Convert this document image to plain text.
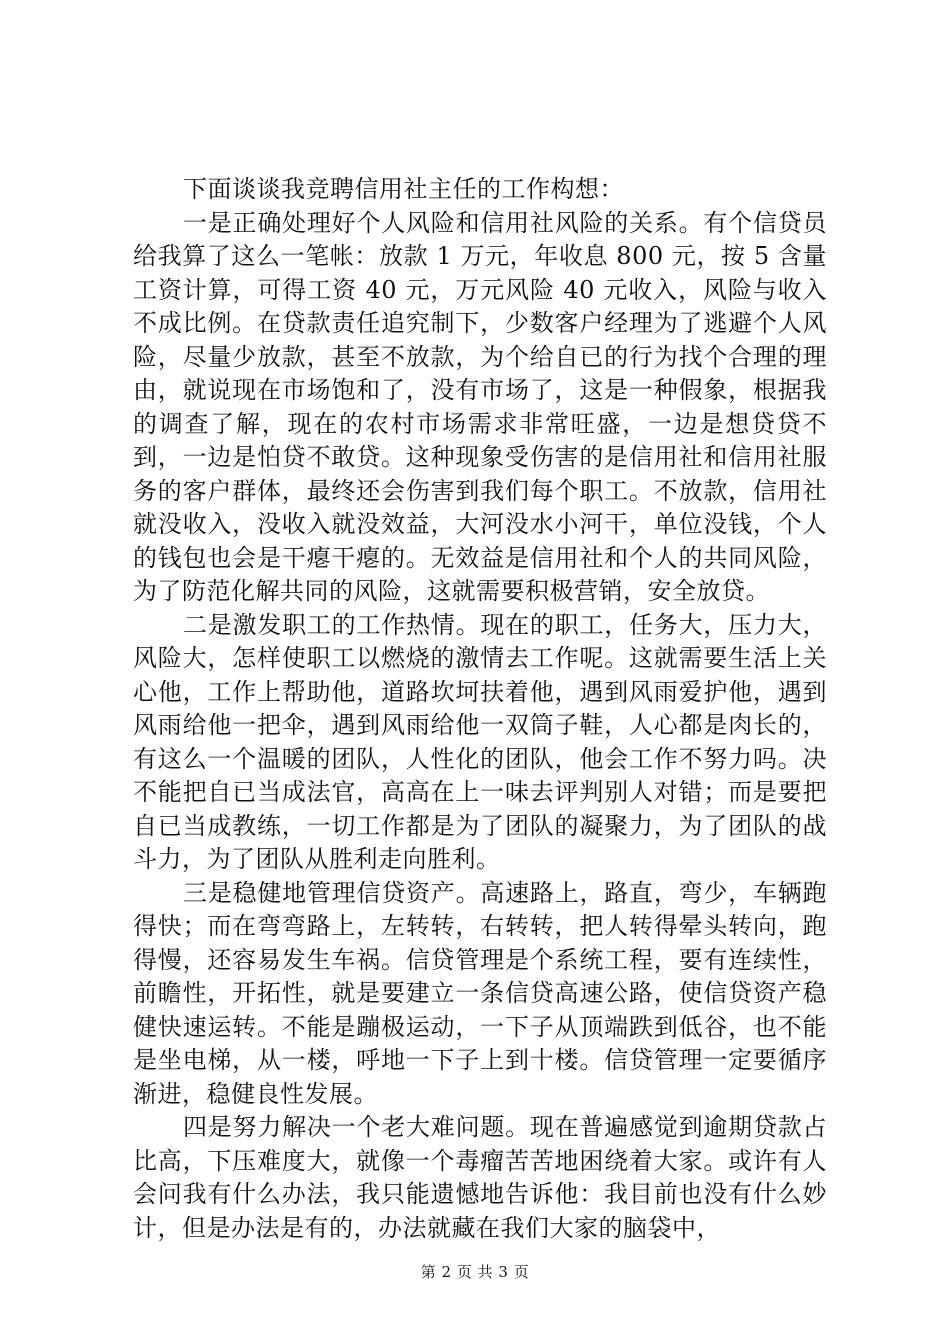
下面谈谈我竞聘信用社主任的工作构想：

一是正确处理好个人风险和信用社风险的关系。有个信贷员给我算了这么一笔帐：放款 1 万元，年收息 800 元，按 5 含量工资计算，可得工资 40 元，万元风险 40 元收入，风险与收入不成比例。在贷款责任追究制下，少数客户经理为了逃避个人风险，尽量少放款，甚至不放款，为个给自已的行为找个合理的理由，就说现在市场饱和了，没有市场了，这是一种假象，根据我的调查了解，现在的农村市场需求非常旺盛，一边是想贷贷不到，一边是怕贷不敢贷。这种现象受伤害的是信用社和信用社服务的客户群体，最终还会伤害到我们每个职工。不放款，信用社就没收入，没收入就没效益，大河没水小河干，单位没钱，个人的钱包也会是干瘪干瘪的。无效益是信用社和个人的共同风险，为了防范化解共同的风险，这就需要积极营销，安全放贷。

二是激发职工的工作热情。现在的职工，任务大，压力大，风险大，怎样使职工以燃烧的激情去工作呢。这就需要生活上关心他，工作上帮助他，道路坎坷扶着他，遇到风雨爱护他，遇到风雨给他一把伞，遇到风雨给他一双筒子鞋，人心都是肉长的，有这么一个温暖的团队，人性化的团队，他会工作不努力吗。决不能把自已当成法官，高高在上一味去评判别人对错；而是要把自已当成教练，一切工作都是为了团队的凝聚力，为了团队的战斗力，为了团队从胜利走向胜利。

三是稳健地管理信贷资产。高速路上，路直，弯少，车辆跑得快；而在弯弯路上，左转转，右转转，把人转得晕头转向，跑得慢，还容易发生车祸。信贷管理是个系统工程，要有连续性，前瞻性，开拓性，就是要建立一条信贷高速公路，使信贷资产稳健快速运转。不能是蹦极运动，一下子从顶端跌到低谷，也不能是坐电梯，从一楼，呼地一下子上到十楼。信贷管理一定要循序渐进，稳健良性发展。

四是努力解决一个老大难问题。现在普遍感觉到逾期贷款占比高，下压难度大，就像一个毒瘤苦苦地困绕着大家。或许有人会问我有什么办法，我只能遗憾地告诉他：我目前也没有什么妙计，但是办法是有的，办法就藏在我们大家的脑袋中，

第 2 页 共 3 页
